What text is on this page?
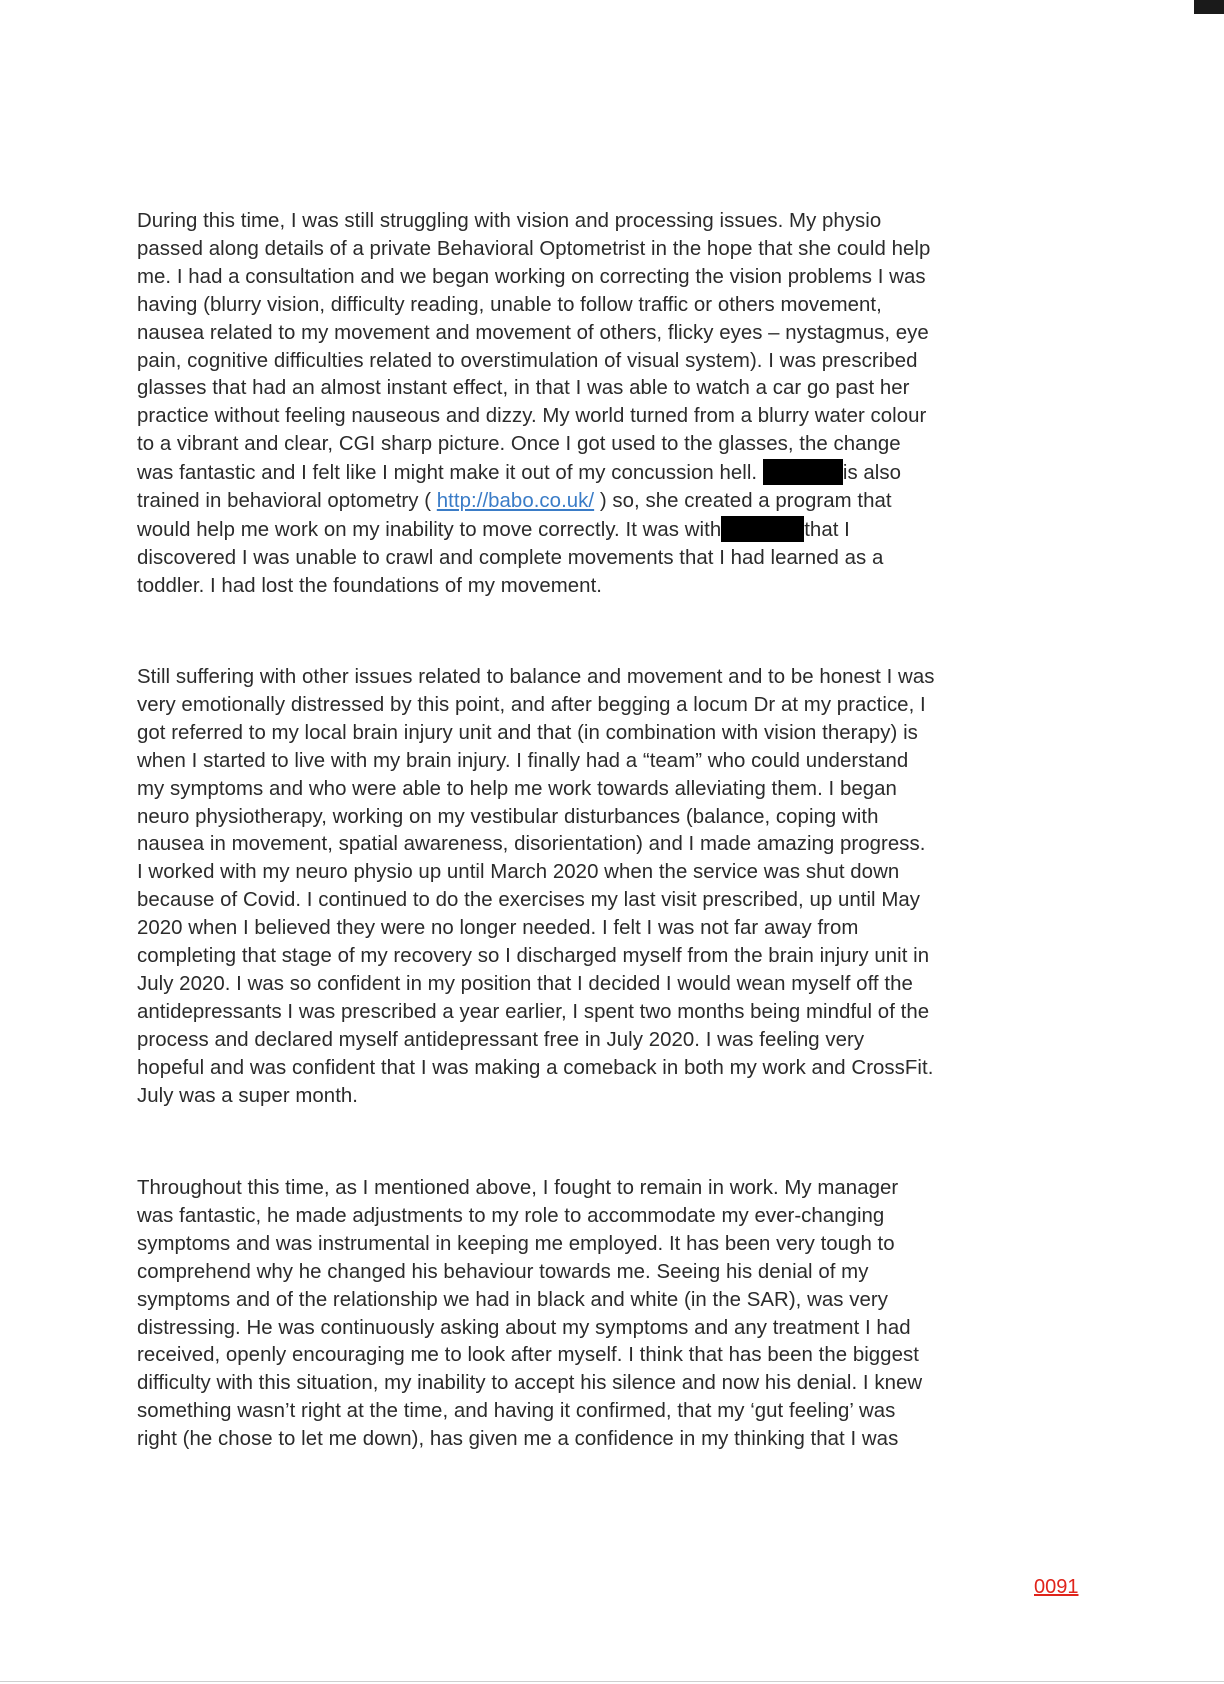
During this time, I was still struggling with vision and processing issues. My physio
passed along details of a private Behavioral Optometrist in the hope that she could help
me. I had a consultation and we began working on correcting the vision problems I was
having (blurry vision, difficulty reading, unable to follow traffic or others movement,
nausea related to my movement and movement of others, flicky eyes – nystagmus, eye
pain, cognitive difficulties related to overstimulation of visual system). I was prescribed
glasses that had an almost instant effect, in that I was able to watch a car go past her
practice without feeling nauseous and dizzy. My world turned from a blurry water colour
to a vibrant and clear, CGI sharp picture. Once I got used to the glasses, the change
was fantastic and I felt like I might make it out of my concussion hell.	is also
trained in behavioral optometry ( http://babo.co.uk/ ) so, she created a program that
would help me work on my inability to move correctly. It was with	that I
discovered I was unable to crawl and complete movements that I had learned as a
toddler. I had lost the foundations of my movement.
Still suffering with other issues related to balance and movement and to be honest I was
very emotionally distressed by this point, and after begging a locum Dr at my practice, I
got referred to my local brain injury unit and that (in combination with vision therapy) is
when I started to live with my brain injury. I finally had a “team” who could understand
my symptoms and who were able to help me work towards alleviating them. I began
neuro physiotherapy, working on my vestibular disturbances (balance, coping with
nausea in movement, spatial awareness, disorientation) and I made amazing progress.
I worked with my neuro physio up until March 2020 when the service was shut down
because of Covid. I continued to do the exercises my last visit prescribed, up until May
2020 when I believed they were no longer needed. I felt I was not far away from
completing that stage of my recovery so I discharged myself from the brain injury unit in
July 2020. I was so confident in my position that I decided I would wean myself off the
antidepressants I was prescribed a year earlier, I spent two months being mindful of the
process and declared myself antidepressant free in July 2020. I was feeling very
hopeful and was confident that I was making a comeback in both my work and CrossFit.
July was a super month.
Throughout this time, as I mentioned above, I fought to remain in work. My manager
was fantastic, he made adjustments to my role to accommodate my ever-changing
symptoms and was instrumental in keeping me employed. It has been very tough to
comprehend why he changed his behaviour towards me. Seeing his denial of my
symptoms and of the relationship we had in black and white (in the SAR), was very
distressing. He was continuously asking about my symptoms and any treatment I had
received, openly encouraging me to look after myself. I think that has been the biggest
difficulty with this situation, my inability to accept his silence and now his denial. I knew
something wasn’t right at the time, and having it confirmed, that my ‘gut feeling’ was
right (he chose to let me down), has given me a confidence in my thinking that I was
0091
